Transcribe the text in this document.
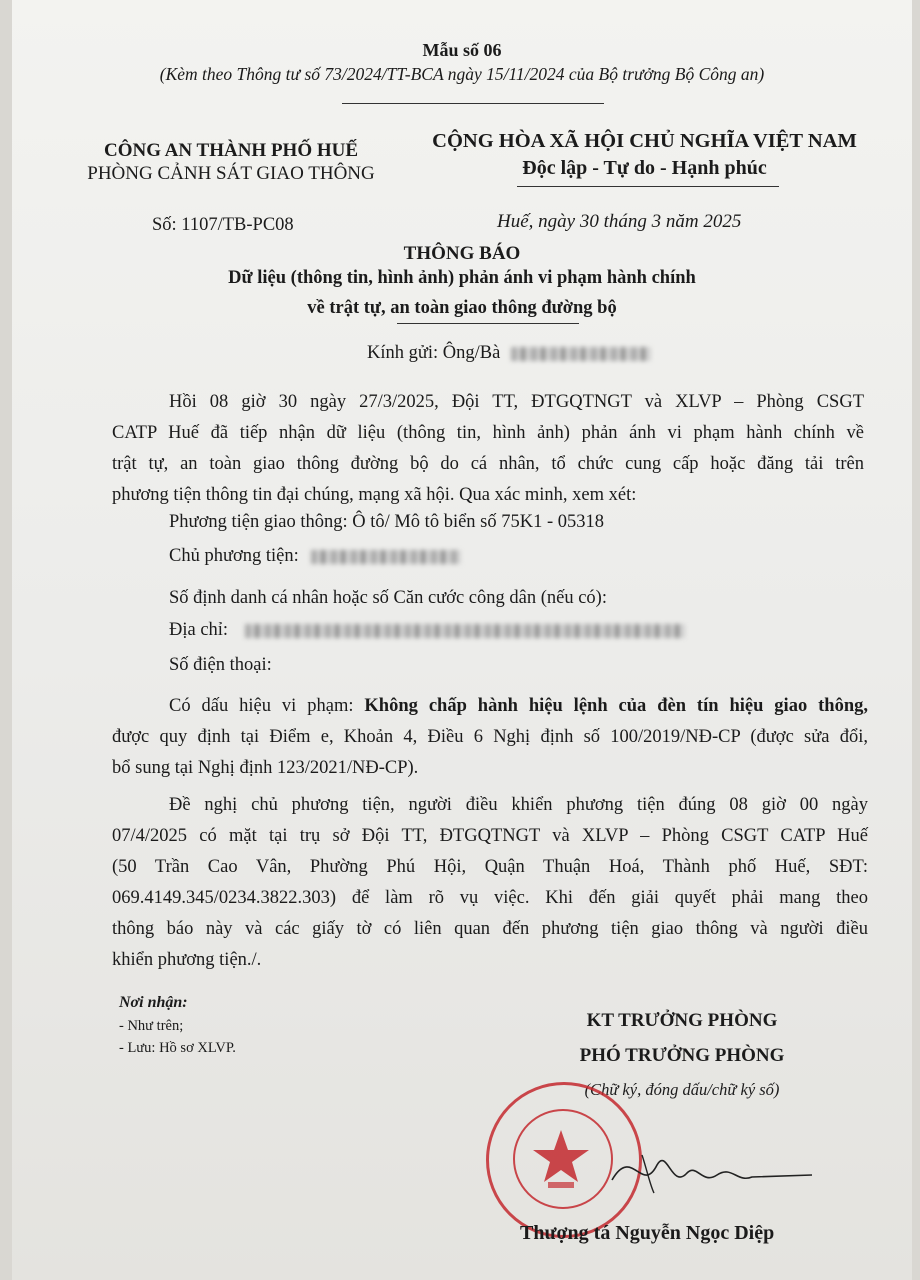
Mẫu số 06
(Kèm theo Thông tư số 73/2024/TT-BCA ngày 15/11/2024 của Bộ trưởng Bộ Công an)
CÔNG AN THÀNH PHỐ HUẾ
PHÒNG CẢNH SÁT GIAO THÔNG
CỘNG HÒA XÃ HỘI CHỦ NGHĨA VIỆT NAM
Độc lập - Tự do - Hạnh phúc
Số: 1107/TB-PC08	Huế, ngày 30 tháng 3 năm 2025
THÔNG BÁO
Dữ liệu (thông tin, hình ảnh) phản ánh vi phạm hành chính
về trật tự, an toàn giao thông đường bộ
Kính gửi: Ông/Bà

Hồi 08 giờ 30 ngày 27/3/2025, Đội TT, ĐTGQTNGT và XLVP – Phòng CSGT

CATP Huế đã tiếp nhận dữ liệu (thông tin, hình ảnh) phản ánh vi phạm hành chính về

trật tự, an toàn giao thông đường bộ do cá nhân, tổ chức cung cấp hoặc đăng tải trên

phương tiện thông tin đại chúng, mạng xã hội. Qua xác minh, xem xét:

Phương tiện giao thông: Ô tô/ Mô tô biển số 75K1 - 05318
Chủ phương tiện:
Số định danh cá nhân hoặc số Căn cước công dân (nếu có):
Địa chỉ:
Số điện thoại:

Có dấu hiệu vi phạm: Không chấp hành hiệu lệnh của đèn tín hiệu giao thông,

được quy định tại Điểm e, Khoản 4, Điều 6 Nghị định số 100/2019/NĐ-CP (được sửa đổi,

bổ sung tại Nghị định 123/2021/NĐ-CP).

Đề nghị chủ phương tiện, người điều khiển phương tiện đúng 08 giờ 00 ngày

07/4/2025 có mặt tại trụ sở Đội TT, ĐTGQTNGT và XLVP – Phòng CSGT CATP Huế

(50 Trần Cao Vân, Phường Phú Hội, Quận Thuận Hoá, Thành phố Huế, SĐT:

069.4149.345/0234.3822.303) để làm rõ vụ việc. Khi đến giải quyết phải mang theo

thông báo này và các giấy tờ có liên quan đến phương tiện giao thông và người điều

khiển phương tiện./.

Nơi nhận:
- Như trên;
- Lưu: Hồ sơ XLVP.
KT TRƯỞNG PHÒNG
PHÓ TRƯỞNG PHÒNG
(Chữ ký, đóng dấu/chữ ký số)
Thượng tá Nguyễn Ngọc Diệp
